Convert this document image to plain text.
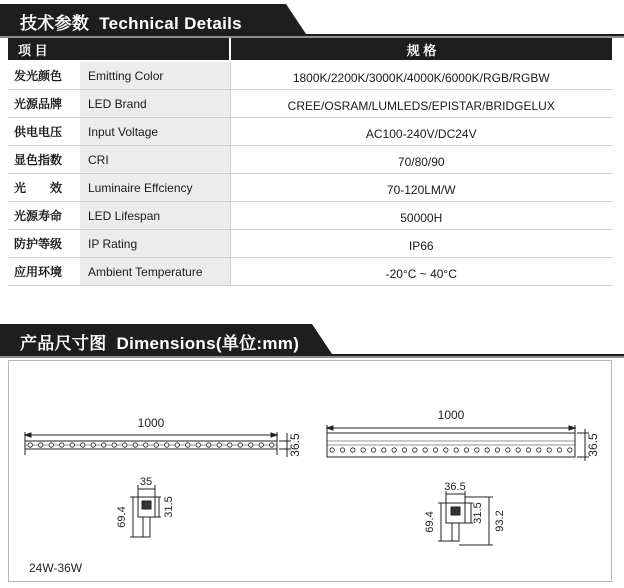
技术参数 Technical Details
项 目		规 格
发光颜色	Emitting Color	1800K/2200K/3000K/4000K/6000K/RGB/RGBW
光源品牌	LED Brand	CREE/OSRAM/LUMLEDS/EPISTAR/BRIDGELUX
供电电压	Input Voltage	AC100-240V/DC24V
显色指数	CRI	70/80/90
光　　效	Luminaire Effciency	70-120LM/W
光源寿命	LED Lifespan	50000H
防护等级	IP Rating	IP66
应用环境	Ambient Temperature	-20°C ~ 40°C
产品尺寸图 Dimensions(单位:mm)
1000
36.5
35
31.5
69.4
1000
36.5
36.5
31.5
69.4	93.2
24W-36W
